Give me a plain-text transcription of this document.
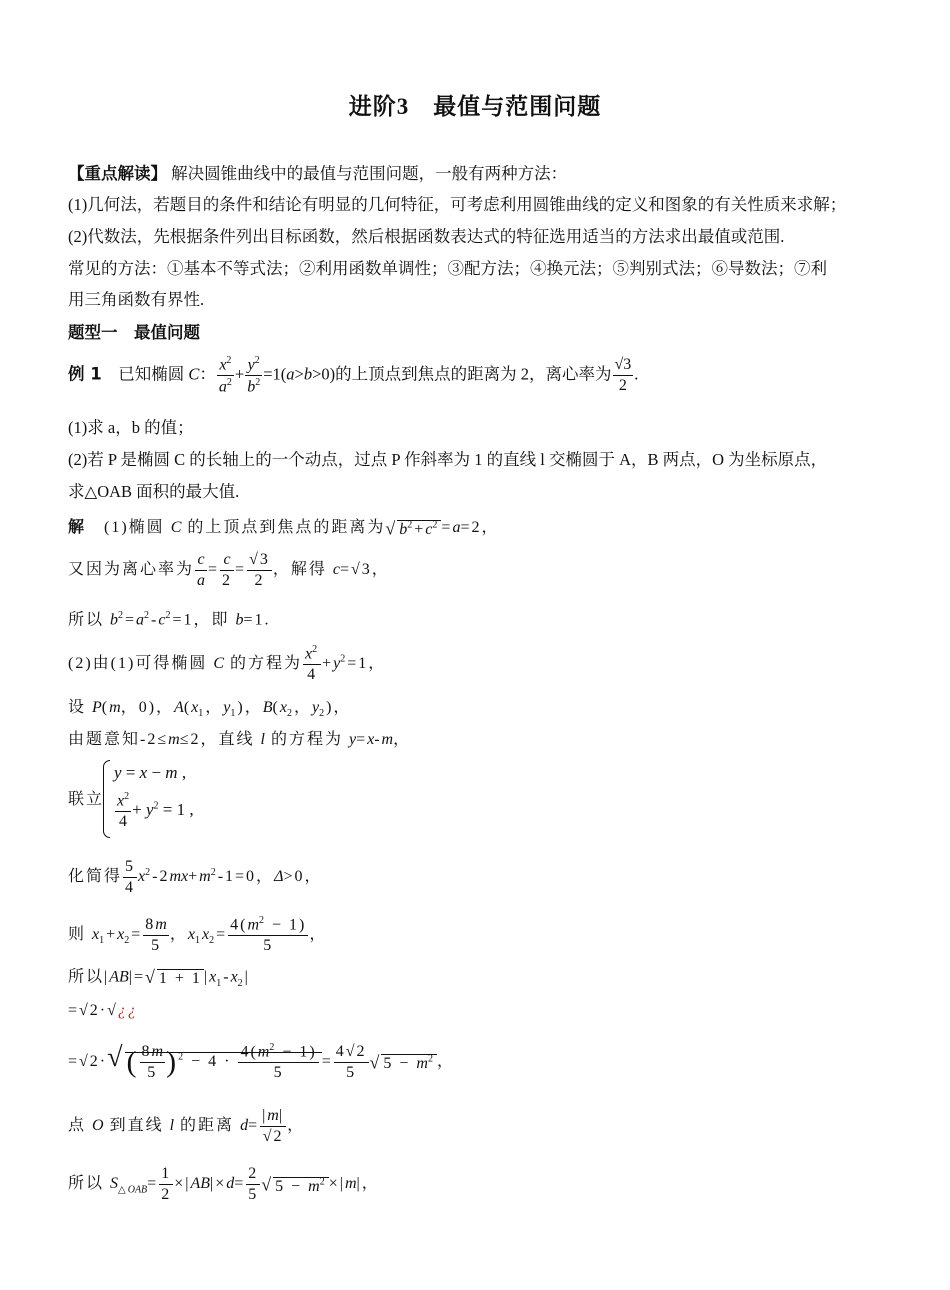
进阶3　 最值与范围问题
【重点解读】 解决圆锥曲线中的最值与范围问题，一般有两种方法：
(1)几何法，若题目的条件和结论有明显的几何特征，可考虑利用圆锥曲线的定义和图象的有关性质来求解；
(2)代数法，先根据条件列出目标函数，然后根据函数表达式的特征选用适当的方法求出最值或范围.
常见的方法：①基本不等式法；②利用函数单调性；③配方法；④换元法；⑤判别式法；⑥导数法；⑦利
用三角函数有界性.
题型一　最值问题
例 1　已知椭圆 C： $\frac{x^2}{a^2} + \frac{y^2}{b^2} =1(a>b>0)$的上顶点到焦点的距离为 2，离心率为 $\frac{√3}{2}$ .
(1)求 a，b 的值；
(2)若 P 是椭圆 C 的长轴上的一个动点，过点 P 作斜率为 1 的直线 l 交椭圆于 A，B 两点，O 为坐标原点，
求△OAB 面积的最大值.
解　(1)椭圆 C 的上顶点到焦点的距离为√ $b^2+c^2 =a=2$，
又因为离心率为 $\frac{c}{a} = \frac{c}{2} = \frac{√3}{2}$ ，解得 c=√3，
所以 $b^2=a^2-c^2=1$，即 b=1.
(2)由(1)可得椭圆 C 的方程为 $\frac{x^2}{4} +y^2=1$，
设 P(m，0)，$A(x_1$，$y_1$)，$B(x_2$，$y_2$)，
由题意知-2≤m≤2，直线 l 的方程为 y=x-m，
联立
y = x − m ,
$\frac{x^2}{4} + y^2 = 1$ ,
化简得 $\frac{5}{4} x^2-2mx+m^2-1=0$，Δ>0，
则 $x_1+x_2= \frac{8m}{5}$ ，$x_1x_2= \frac{4(m^2 - 1)}{5}$ ，
所以|AB|=√ 1 + 1 $|x_1-x_2|$
=√2·√¿¿
$=√2\cdot√( \frac{8m}{5} )^2 - 4 \cdot \frac{4(m^2 - 1)}{5} = \frac{4√2}{5}$ √ $5 - m^2$ ，
点 O 到直线 l 的距离 $d= \frac{|m|}{√2}$ ，
所以 $S_{\triangle OAB}= \frac{1}{2} \times|AB|\times d= \frac{2}{5}$ √ $5 - m^2 \times|m|$，
